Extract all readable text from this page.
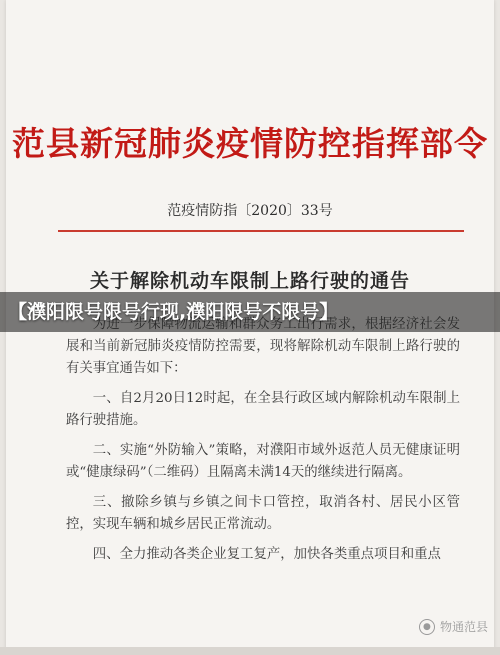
范县新冠肺炎疫情防控指挥部令
范疫情防指〔2020〕33号
关于解除机动车限制上路行驶的通告

展和当前新冠肺炎疫情防控需要，现将解除机动车限制上路行驶的有关事宜通告如下：

一、自2月20日12时起，在全县行政区域内解除机动车限制上路行驶措施。

二、实施“外防输入”策略，对濮阳市域外返范人员无健康证明或“健康绿码”（二维码）且隔离未满14天的继续进行隔离。

三、撤除乡镇与乡镇之间卡口管控，取消各村、居民小区管控，实现车辆和城乡居民正常流动。

四、全力推动各类企业复工复产，加快各类重点项目和重点

【濮阳限号限号行现,濮阳限号不限号】
● 物通范县
